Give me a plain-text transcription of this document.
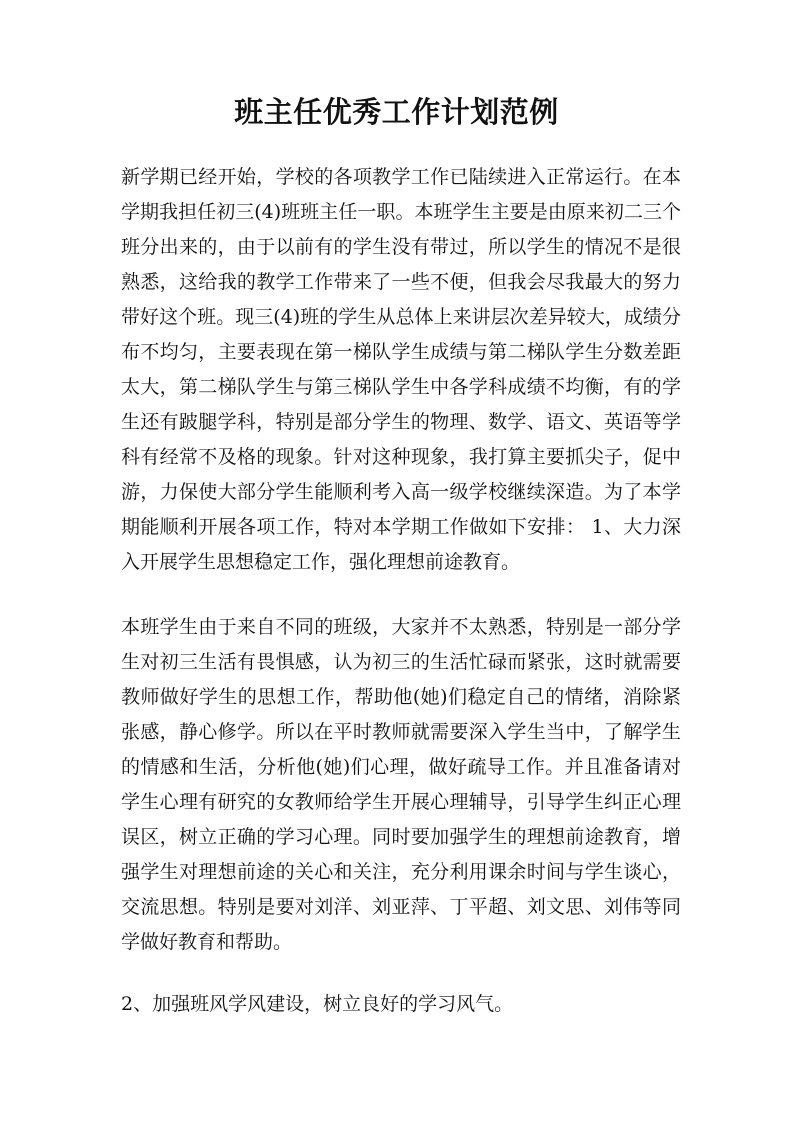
班主任优秀工作计划范例

新学期已经开始，学校的各项教学工作已陆续进入正常运行。在本学期我担任初三(4)班班主任一职。本班学生主要是由原来初二三个班分出来的，由于以前有的学生没有带过，所以学生的情况不是很熟悉，这给我的教学工作带来了一些不便，但我会尽我最大的努力带好这个班。现三(4)班的学生从总体上来讲层次差异较大，成绩分布不均匀，主要表现在第一梯队学生成绩与第二梯队学生分数差距太大，第二梯队学生与第三梯队学生中各学科成绩不均衡，有的学生还有跛腿学科，特别是部分学生的物理、数学、语文、英语等学科有经常不及格的现象。针对这种现象，我打算主要抓尖子，促中游，力保使大部分学生能顺利考入高一级学校继续深造。为了本学期能顺利开展各项工作，特对本学期工作做如下安排： 1、大力深入开展学生思想稳定工作，强化理想前途教育。

本班学生由于来自不同的班级，大家并不太熟悉，特别是一部分学生对初三生活有畏惧感，认为初三的生活忙碌而紧张，这时就需要教师做好学生的思想工作，帮助他(她)们稳定自己的情绪，消除紧张感，静心修学。所以在平时教师就需要深入学生当中，了解学生的情感和生活，分析他(她)们心理，做好疏导工作。并且准备请对学生心理有研究的女教师给学生开展心理辅导，引导学生纠正心理误区，树立正确的学习心理。同时要加强学生的理想前途教育，增强学生对理想前途的关心和关注，充分利用课余时间与学生谈心，交流思想。特别是要对刘洋、刘亚萍、丁平超、刘文思、刘伟等同学做好教育和帮助。

2、加强班风学风建设，树立良好的学习风气。
